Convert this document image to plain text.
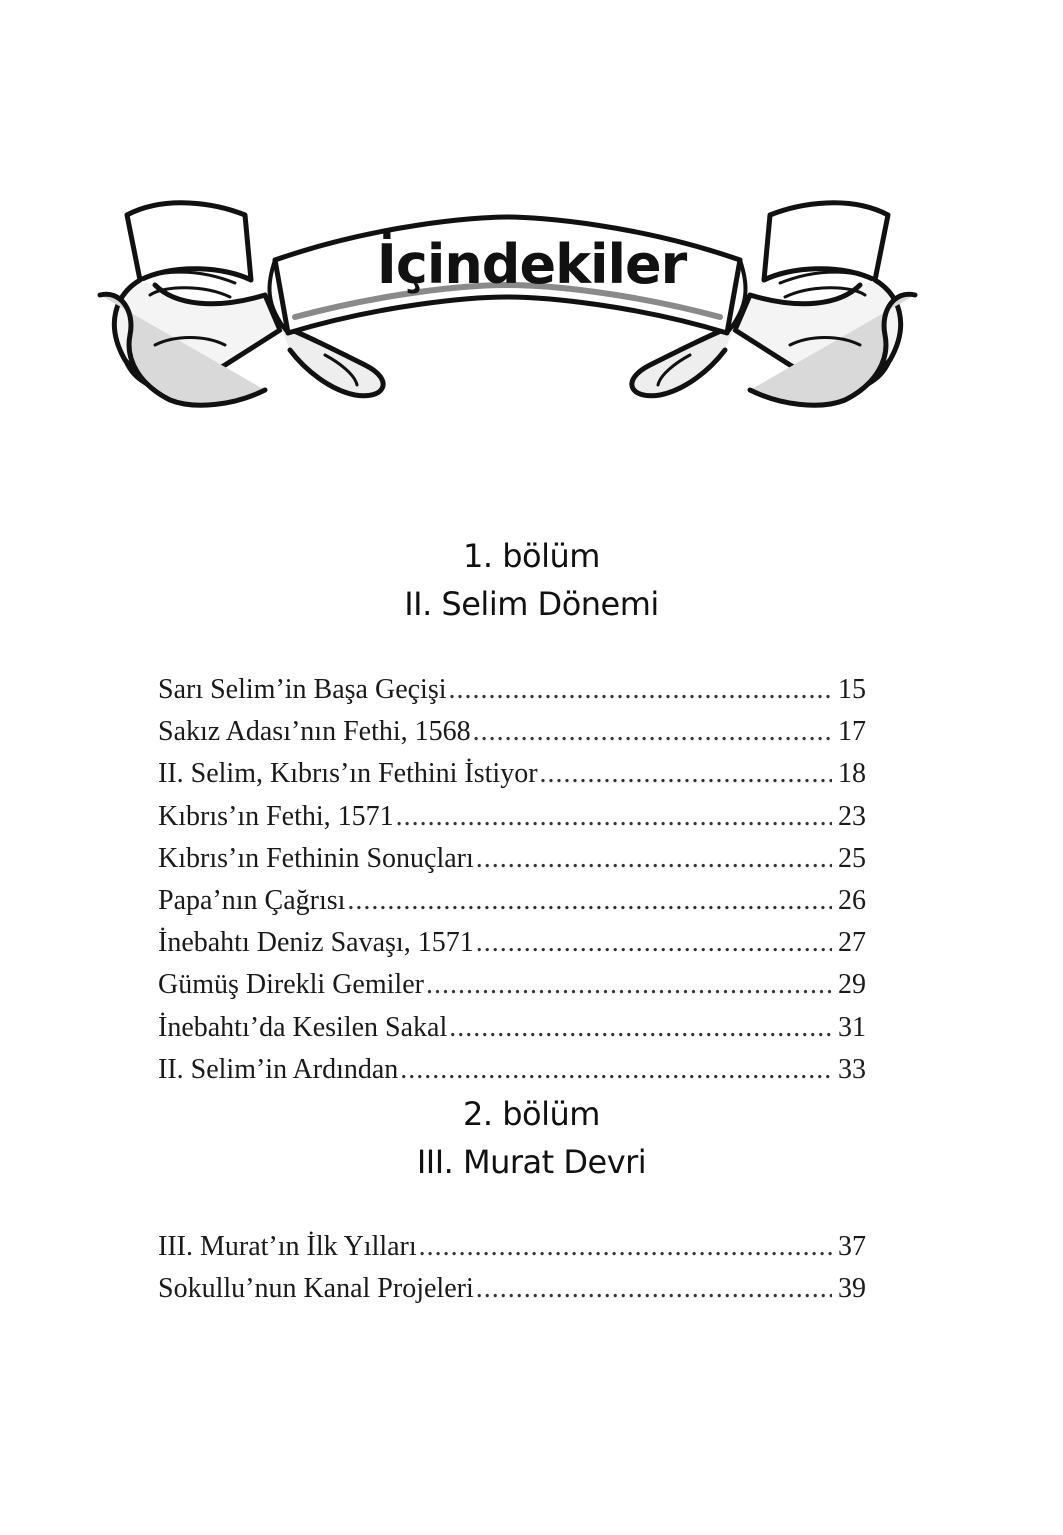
İçindekiler
1. bölüm
II. Selim Dönemi
Sarı Selim’in Başa Geçişi .....	15
Sakız Adası’nın Fethi, 1568 .....	17
II. Selim, Kıbrıs’ın Fethini İstiyor .....	18
Kıbrıs’ın Fethi, 1571 .....	23
Kıbrıs’ın Fethinin Sonuçları .....	25
Papa’nın Çağrısı .....	26
İnebahtı Deniz Savaşı, 1571 .....	27
Gümüş Direkli Gemiler .....	29
İnebahtı’da Kesilen Sakal .....	31
II. Selim’in Ardından .....	33
2. bölüm
III. Murat Devri
III. Murat’ın İlk Yılları .....	37
Sokullu’nun Kanal Projeleri .....	39
